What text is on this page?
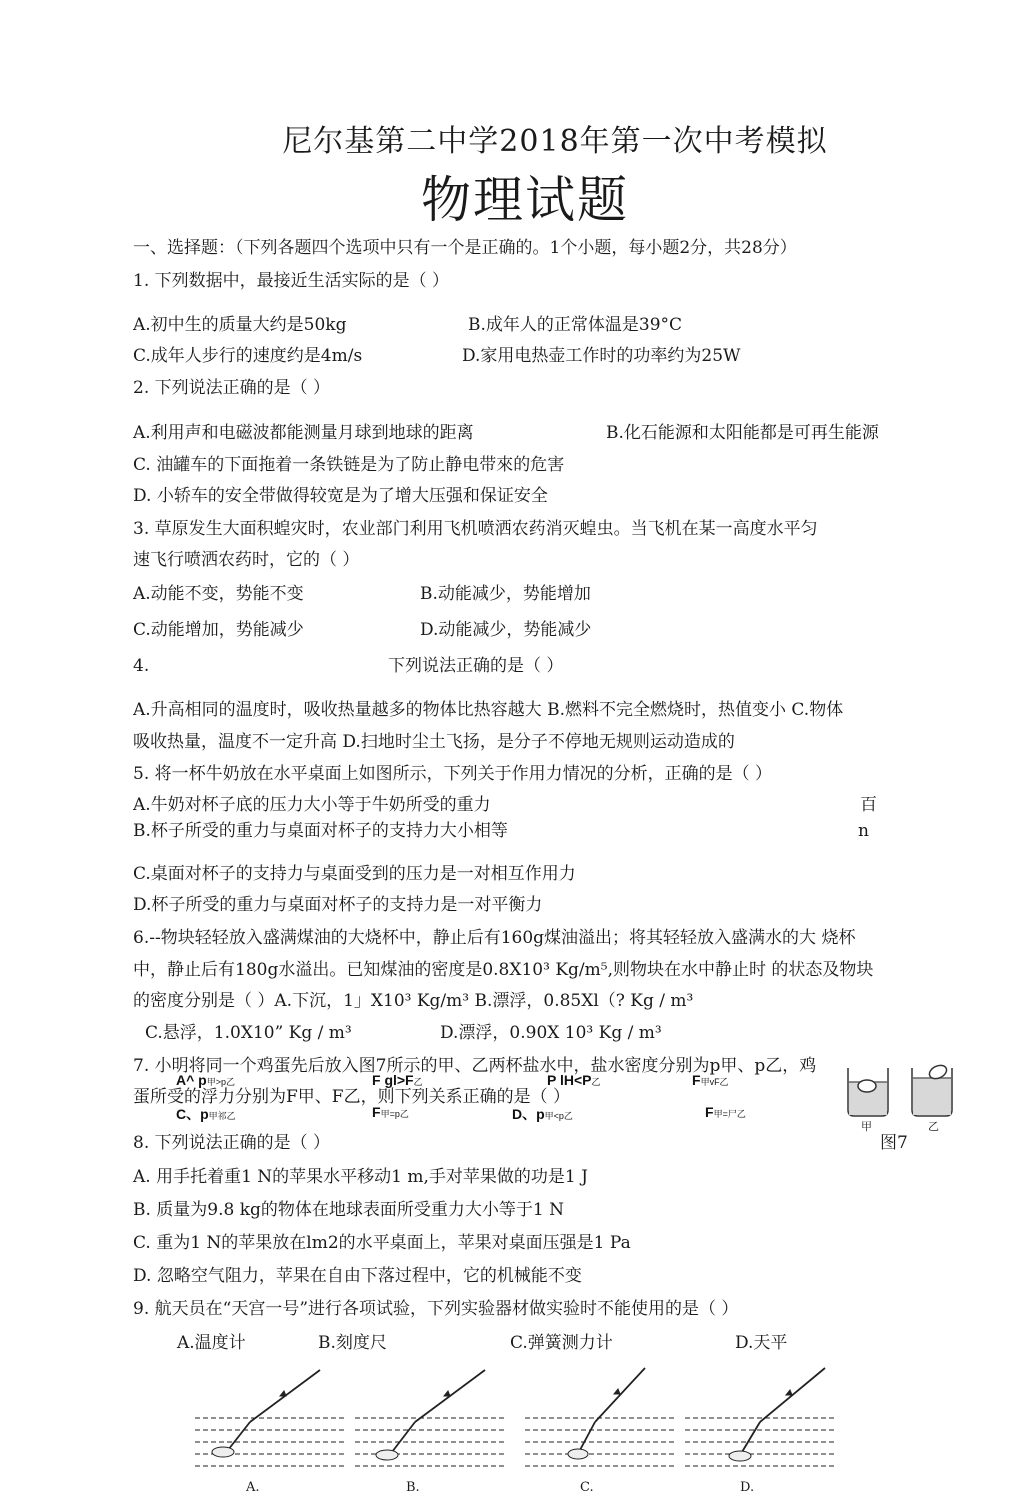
尼尔基第二中学2018年第一次中考模拟
物理试题
一、选择题：（下列各题四个选项中只有一个是正确的。1个小题，每小题2分，共28分）
1. 下列数据中，最接近生活实际的是（ ）
A.初中生的质量大约是50kg	B.成年人的正常体温是39°C
C.成年人步行的速度约是4m/s	D.家用电热壶工作时的功率约为25W
2. 下列说法正确的是（ ）
A.利用声和电磁波都能测量月球到地球的距离	B.化石能源和太阳能都是可再生能源
C. 油罐车的下面拖着一条铁链是为了防止静电带來的危害
D. 小轿车的安全带做得较宽是为了增大压强和保证安全
3. 草原发生大面积蝗灾时，农业部门利用飞机喷洒农药消灭蝗虫。当飞机在某一高度水平匀
速飞行喷洒农药时，它的（ ）
A.动能不变，势能不变	B.动能减少，势能增加
C.动能增加，势能减少	D.动能减少，势能减少
4.	下列说法正确的是（ ）
A.升高相同的温度时，吸收热量越多的物体比热容越大 B.燃料不完全燃烧时，热值变小 C.物体
吸收热量，温度不一定升高 D.扫地时尘土飞扬，是分子不停地无规则运动造成的
5. 将一杯牛奶放在水平桌面上如图所示，下列关于作用力情况的分析，正确的是（ ）
A.牛奶对杯子底的压力大小等于牛奶所受的重力	百
B.杯子所受的重力与桌面对杯子的支持力大小相等	n
C.桌面对杯子的支持力与桌面受到的压力是一对相互作用力
D.杯子所受的重力与桌面对杯子的支持力是一对平衡力
6.--物块轻轻放入盛满煤油的大烧杯中，静止后有160g煤油溢出；将其轻轻放入盛满水的大 烧杯
中，静止后有180g水溢出。已知煤油的密度是0.8X10³ Kg/m⁵,则物块在水中静止时 的状态及物块
的密度分别是（ ）A.下沉，1」X10³ Kg/m³ B.漂浮，0.85Xl（? Kg / m³
C.悬浮，1.0X10” Kg / m³	D.漂浮，0.90X 10³ Kg / m³
7. 小明将同一个鸡蛋先后放入图7所示的甲、乙两杯盐水中，盐水密度分别为p甲、p乙，鸡
蛋所受的浮力分别为F甲、F乙，则下列关系正确的是（ ）
A^ p甲>p乙	F gl>F乙	P lH<P乙	F甲vF乙
C、p甲祁乙	F甲=p乙	D、p甲<p乙	F甲=尸乙
甲	乙
图7
8. 下列说法正确的是（ ）
A. 用手托着重1 N的苹果水平移动1 m,手对苹果做的功是1 J
B. 质量为9.8 kg的物体在地球表面所受重力大小等于1 N
C. 重为1 N的苹果放在lm2的水平桌面上，苹果对桌面压强是1 Pa
D. 忽略空气阻力，苹果在自由下落过程中，它的机械能不变
9. 航天员在“天宫一号”进行各项试验，下列实验器材做实验时不能使用的是（ ）
A.温度计	B.刻度尺	C.弹簧测力计	D.天平
A.	B.	C.	D.
